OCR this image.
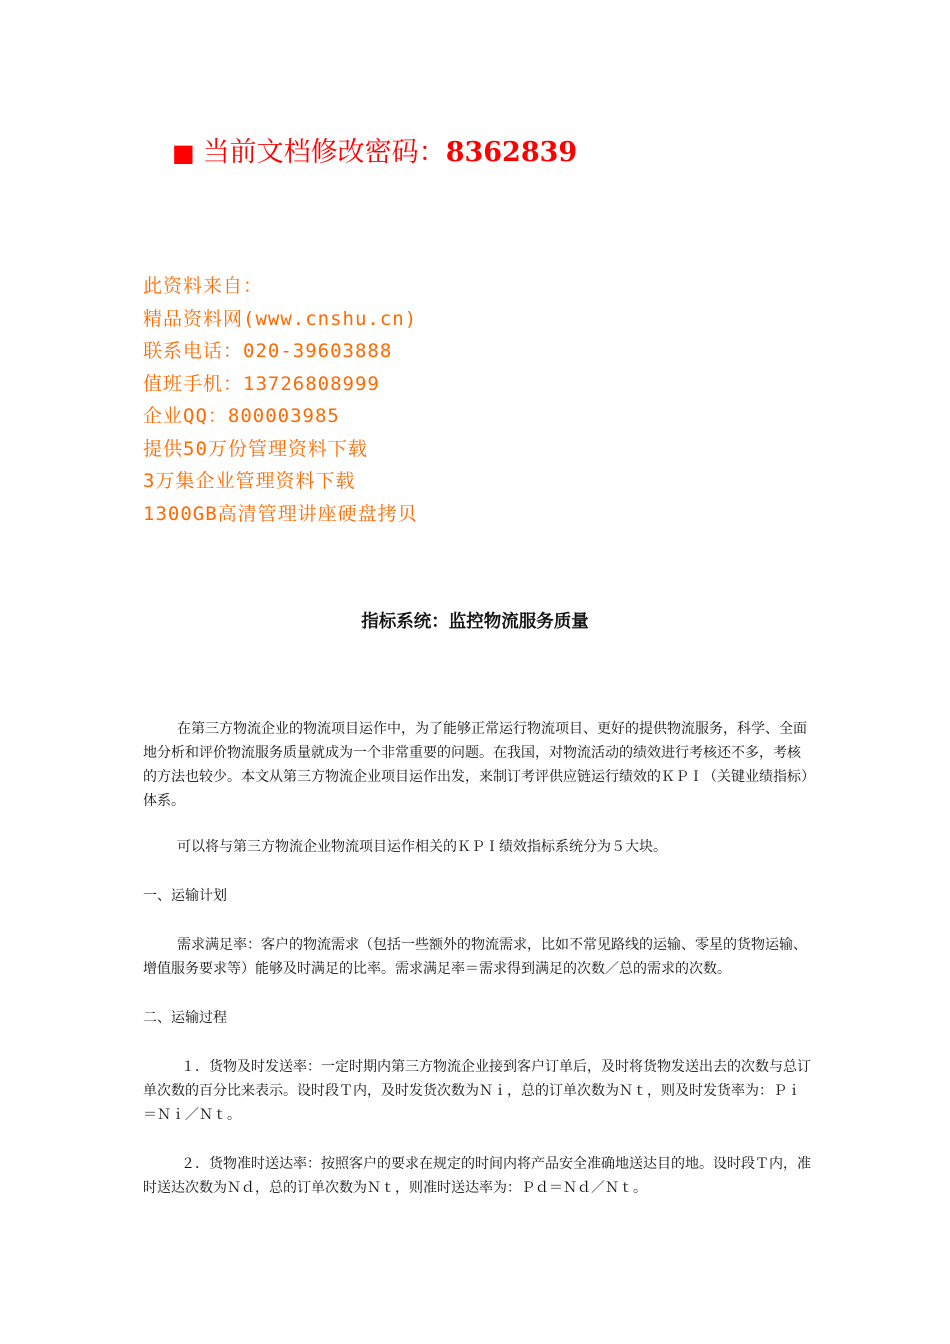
■ 当前文档修改密码：8362839
此资料来自：
精品资料网(www.cnshu.cn)
联系电话：020-39603888
值班手机：13726808999
企业QQ：800003985
提供50万份管理资料下载
3万集企业管理资料下载
1300GB高清管理讲座硬盘拷贝
指标系统：监控物流服务质量

在第三方物流企业的物流项目运作中，为了能够正常运行物流项目、更好的提供物流服务，科学、全面地分析和评价物流服务质量就成为一个非常重要的问题。在我国，对物流活动的绩效进行考核还不多，考核的方法也较少。本文从第三方物流企业项目运作出发，来制订考评供应链运行绩效的ＫＰＩ（关键业绩指标）体系。

可以将与第三方物流企业物流项目运作相关的ＫＰＩ绩效指标系统分为５大块。

一、运输计划

需求满足率：客户的物流需求（包括一些额外的物流需求，比如不常见路线的运输、零星的货物运输、增值服务要求等）能够及时满足的比率。需求满足率＝需求得到满足的次数／总的需求的次数。

二、运输过程

１．货物及时发送率：一定时期内第三方物流企业接到客户订单后，及时将货物发送出去的次数与总订单次数的百分比来表示。设时段Ｔ内，及时发货次数为Ｎｉ，总的订单次数为Ｎｔ，则及时发货率为：Ｐｉ＝Ｎｉ／Ｎｔ。

２．货物准时送达率：按照客户的要求在规定的时间内将产品安全准确地送达目的地。设时段Ｔ内，准时送达次数为Ｎｄ，总的订单次数为Ｎｔ，则准时送达率为：Ｐｄ＝Ｎｄ／Ｎｔ。
